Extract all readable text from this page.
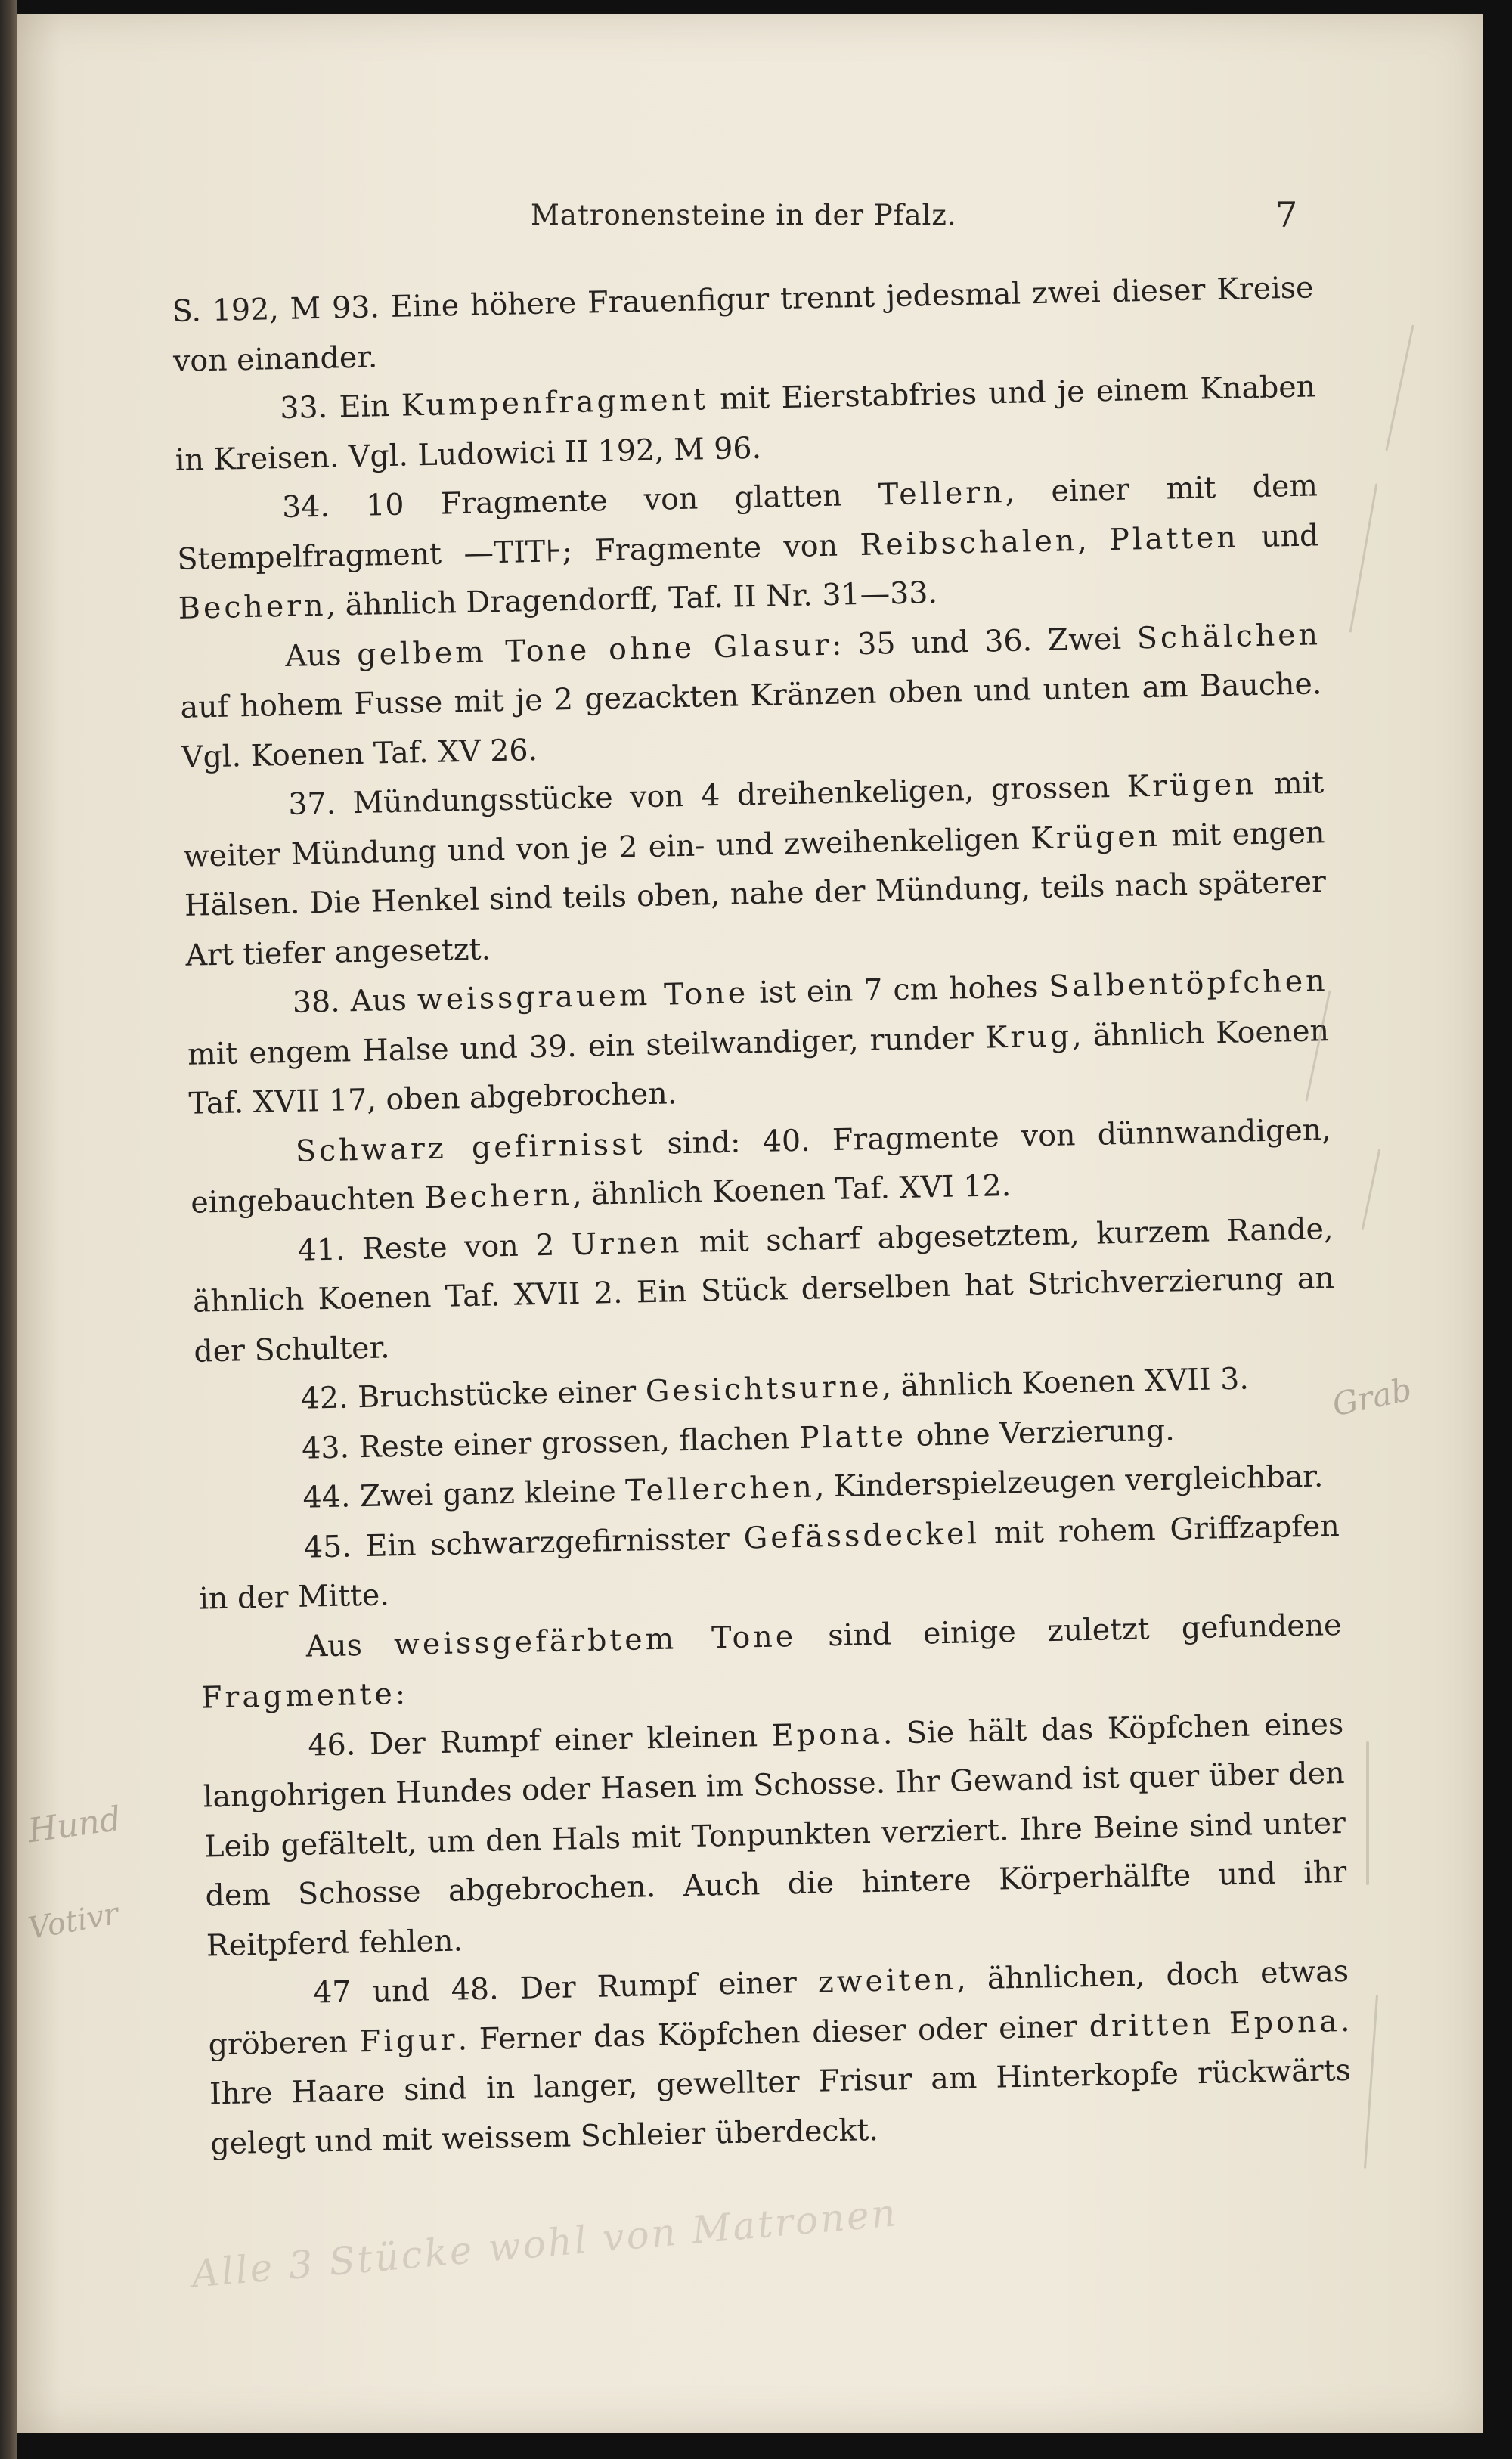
Matronensteine in der Pfalz.	7

S. 192, M 93. Eine höhere Frauenfigur trennt jedesmal zwei dieser Kreise von einander.

33. Ein Kumpenfragment mit Eierstabfries und je einem Knaben in Kreisen. Vgl. Ludowici II 192, M 96.

34. 10 Fragmente von glatten Tellern, einer mit dem Stempelfragment —TIT⊦; Fragmente von Reibschalen, Platten und Bechern, ähnlich Dragendorff, Taf. II Nr. 31—33.

Aus gelbem Tone ohne Glasur: 35 und 36. Zwei Schälchen auf hohem Fusse mit je 2 gezackten Kränzen oben und unten am Bauche. Vgl. Koenen Taf. XV 26.

37. Mündungsstücke von 4 dreihenkeligen, grossen Krügen mit weiter Mündung und von je 2 ein- und zweihenkeligen Krügen mit engen Hälsen. Die Henkel sind teils oben, nahe der Mündung, teils nach späterer Art tiefer angesetzt.

38. Aus weissgrauem Tone ist ein 7 cm hohes Salbentöpfchen mit engem Halse und 39. ein steilwandiger, runder Krug, ähnlich Koenen Taf. XVII 17, oben abgebrochen.

Schwarz gefirnisst sind: 40. Fragmente von dünnwandigen, eingebauchten Bechern, ähnlich Koenen Taf. XVI 12.

41. Reste von 2 Urnen mit scharf abgesetztem, kurzem Rande, ähnlich Koenen Taf. XVII 2. Ein Stück derselben hat Strichverzierung an der Schulter.

42. Bruchstücke einer Gesichtsurne, ähnlich Koenen XVII 3.

43. Reste einer grossen, flachen Platte ohne Verzierung.

44. Zwei ganz kleine Tellerchen, Kinderspielzeugen vergleichbar.

45. Ein schwarzgefirnisster Gefässdeckel mit rohem Griffzapfen in der Mitte.

Aus weissgefärbtem Tone sind einige zuletzt gefundene Fragmente:

46. Der Rumpf einer kleinen Epona. Sie hält das Köpfchen eines langohrigen Hundes oder Hasen im Schosse. Ihr Gewand ist quer über den Leib gefältelt, um den Hals mit Tonpunkten verziert. Ihre Beine sind unter dem Schosse abgebrochen. Auch die hintere Körperhälfte und ihr Reitpferd fehlen.

47 und 48. Der Rumpf einer zweiten, ähnlichen, doch etwas gröberen Figur. Ferner das Köpfchen dieser oder einer dritten Epona. Ihre Haare sind in langer, gewellter Frisur am Hinterkopfe rückwärts gelegt und mit weissem Schleier überdeckt.

Hund
Votivr
Grab
Alle 3 Stücke wohl von Matronen
